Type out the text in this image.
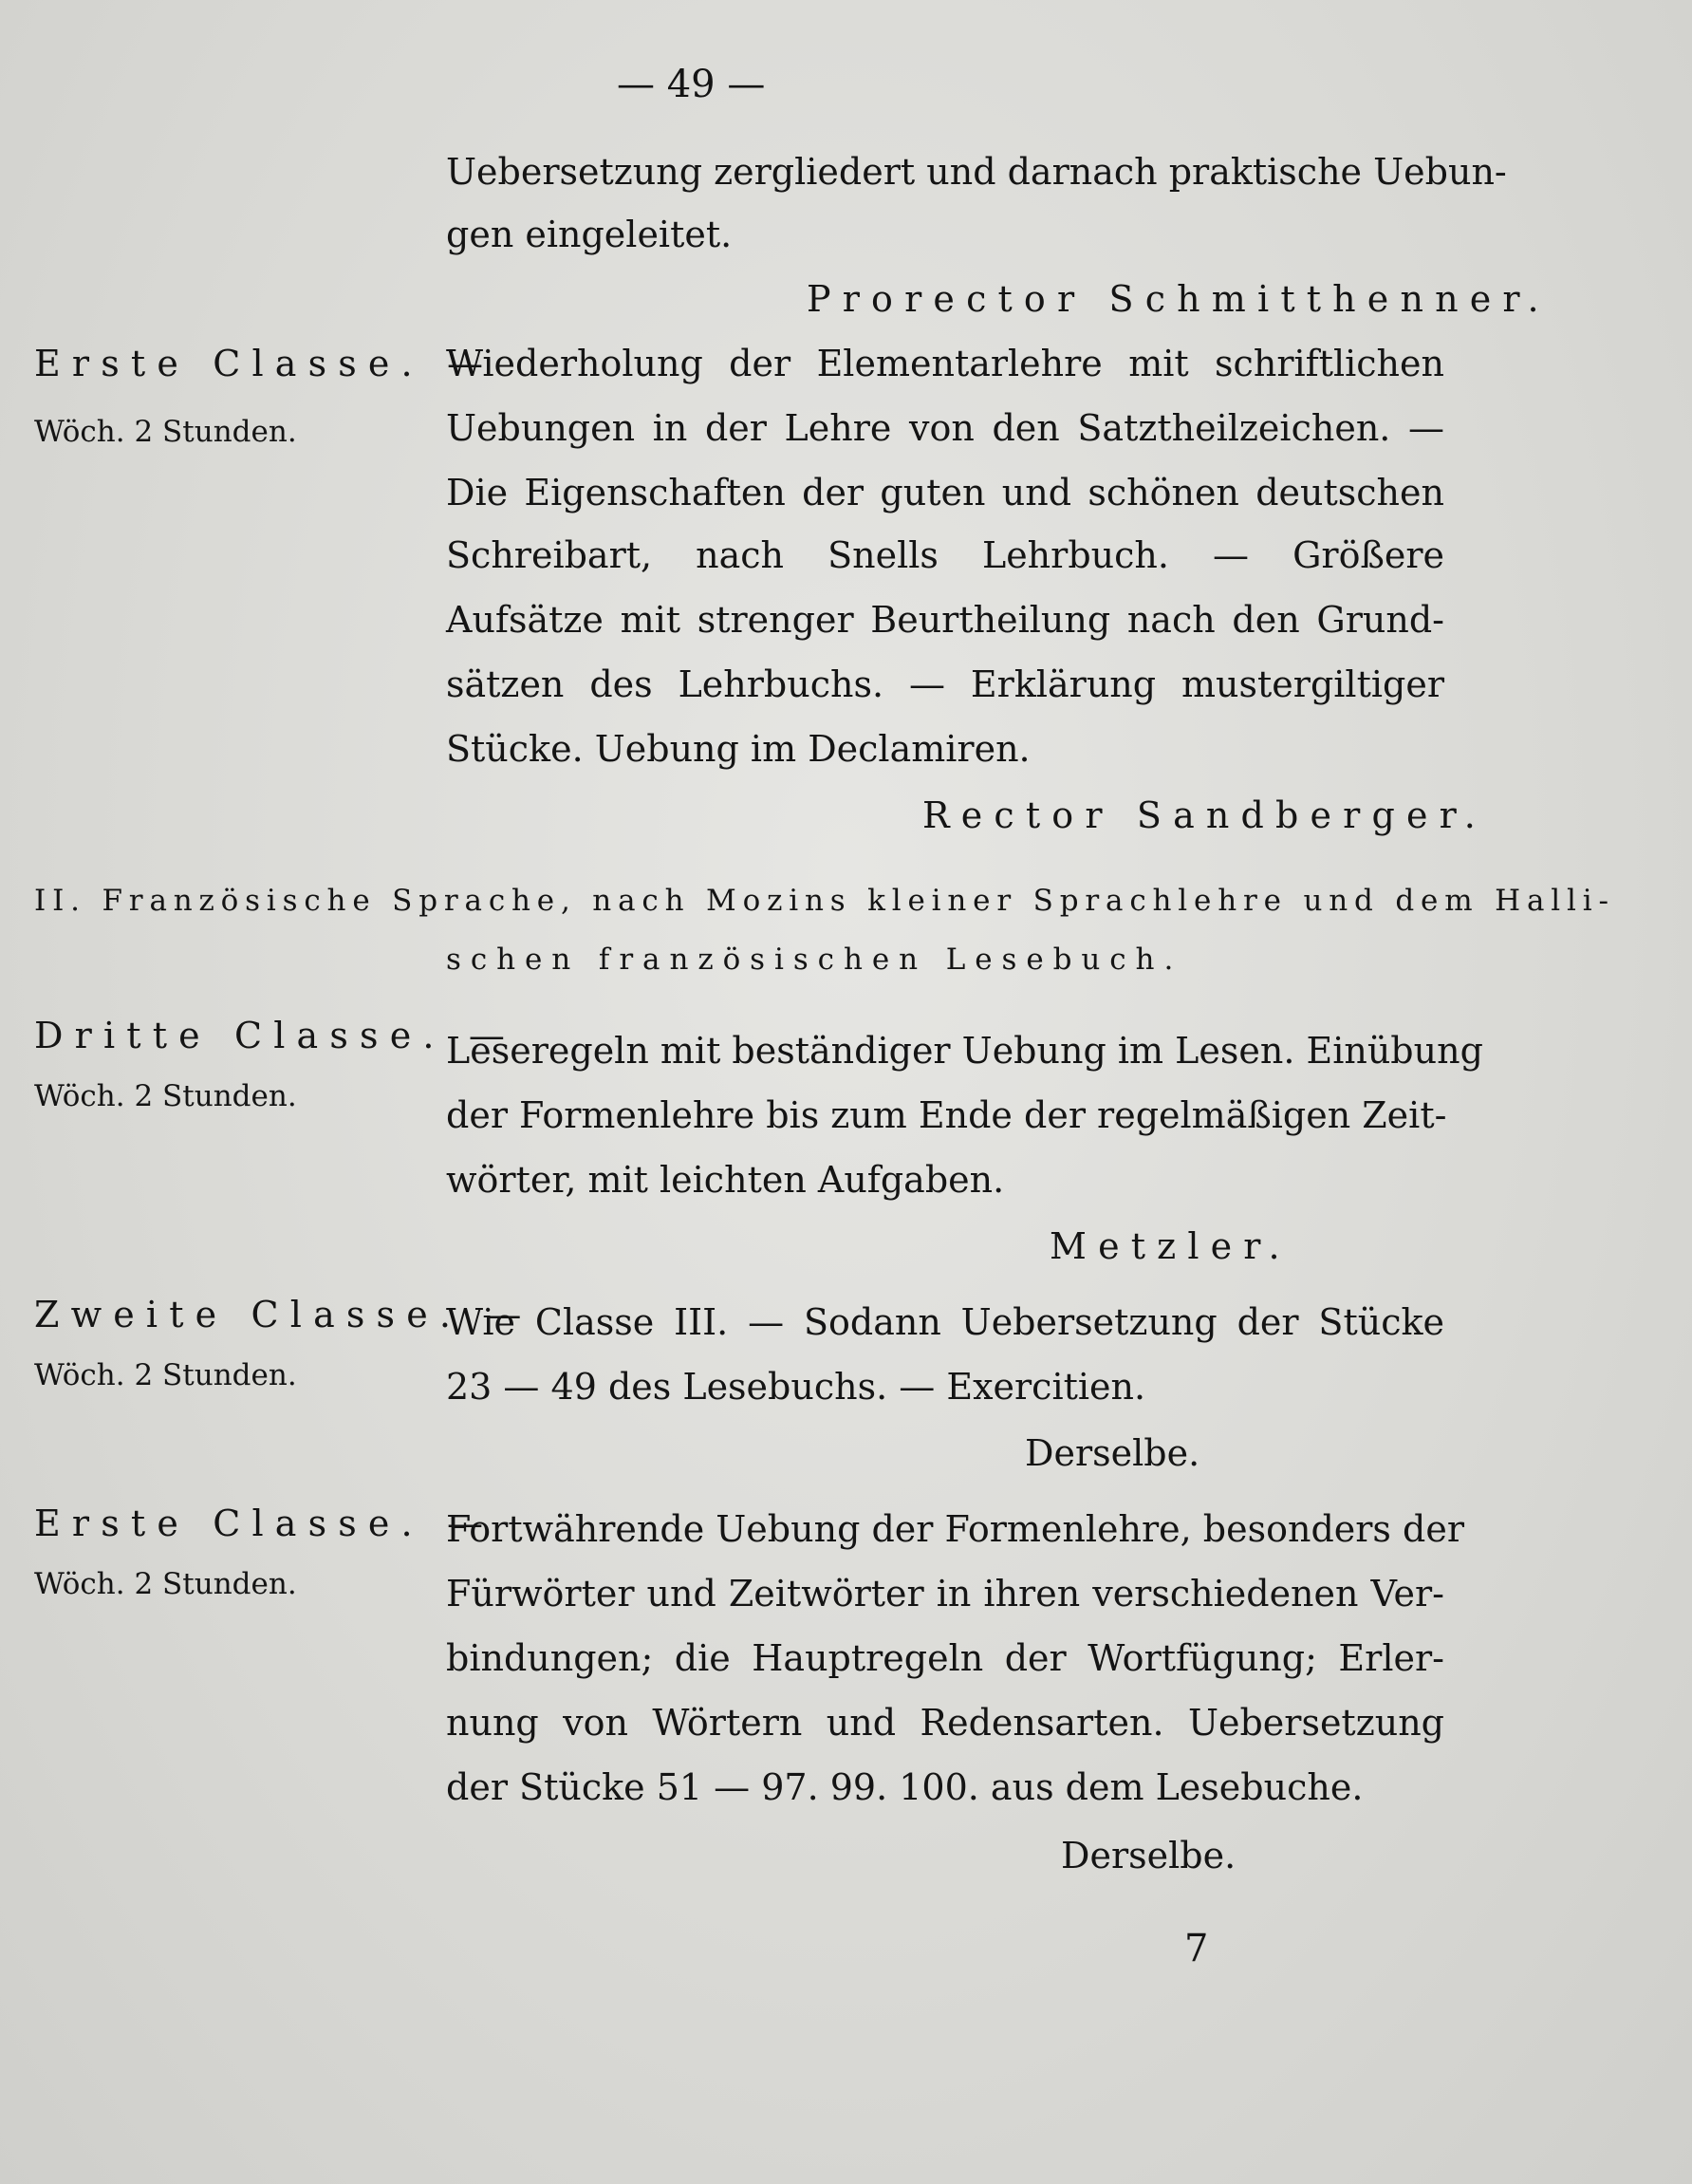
— 49 —
Uebersetzung zergliedert und darnach praktische Uebun-
gen eingeleitet.
Prorector Schmitthenner.
Erste Classe. —
Wöch. 2 Stunden.
Wiederholung der Elementarlehre mit schriftlichen
Uebungen in der Lehre von den Satztheilzeichen. —
Die Eigenschaften der guten und schönen deutschen
Schreibart, nach Snells Lehrbuch. — Größere
Aufsätze mit strenger Beurtheilung nach den Grund-
sätzen des Lehrbuchs. — Erklärung mustergiltiger
Stücke. Uebung im Declamiren.
Rector Sandberger.
II. Französische Sprache, nach Mozins kleiner Sprachlehre und dem Halli-
schen französischen Lesebuch.
Dritte Classe. —
Wöch. 2 Stunden.
Leseregeln mit beständiger Uebung im Lesen. Einübung
der Formenlehre bis zum Ende der regelmäßigen Zeit-
wörter, mit leichten Aufgaben.
Metzler.
Zweite Classe. —
Wöch. 2 Stunden.
Wie Classe III. — Sodann Uebersetzung der Stücke
23 — 49 des Lesebuchs. — Exercitien.
Derselbe.
Erste Classe. —
Wöch. 2 Stunden.
Fortwährende Uebung der Formenlehre, besonders der
Fürwörter und Zeitwörter in ihren verschiedenen Ver-
bindungen; die Hauptregeln der Wortfügung; Erler-
nung von Wörtern und Redensarten. Uebersetzung
der Stücke 51 — 97. 99. 100. aus dem Lesebuche.
Derselbe.
7
